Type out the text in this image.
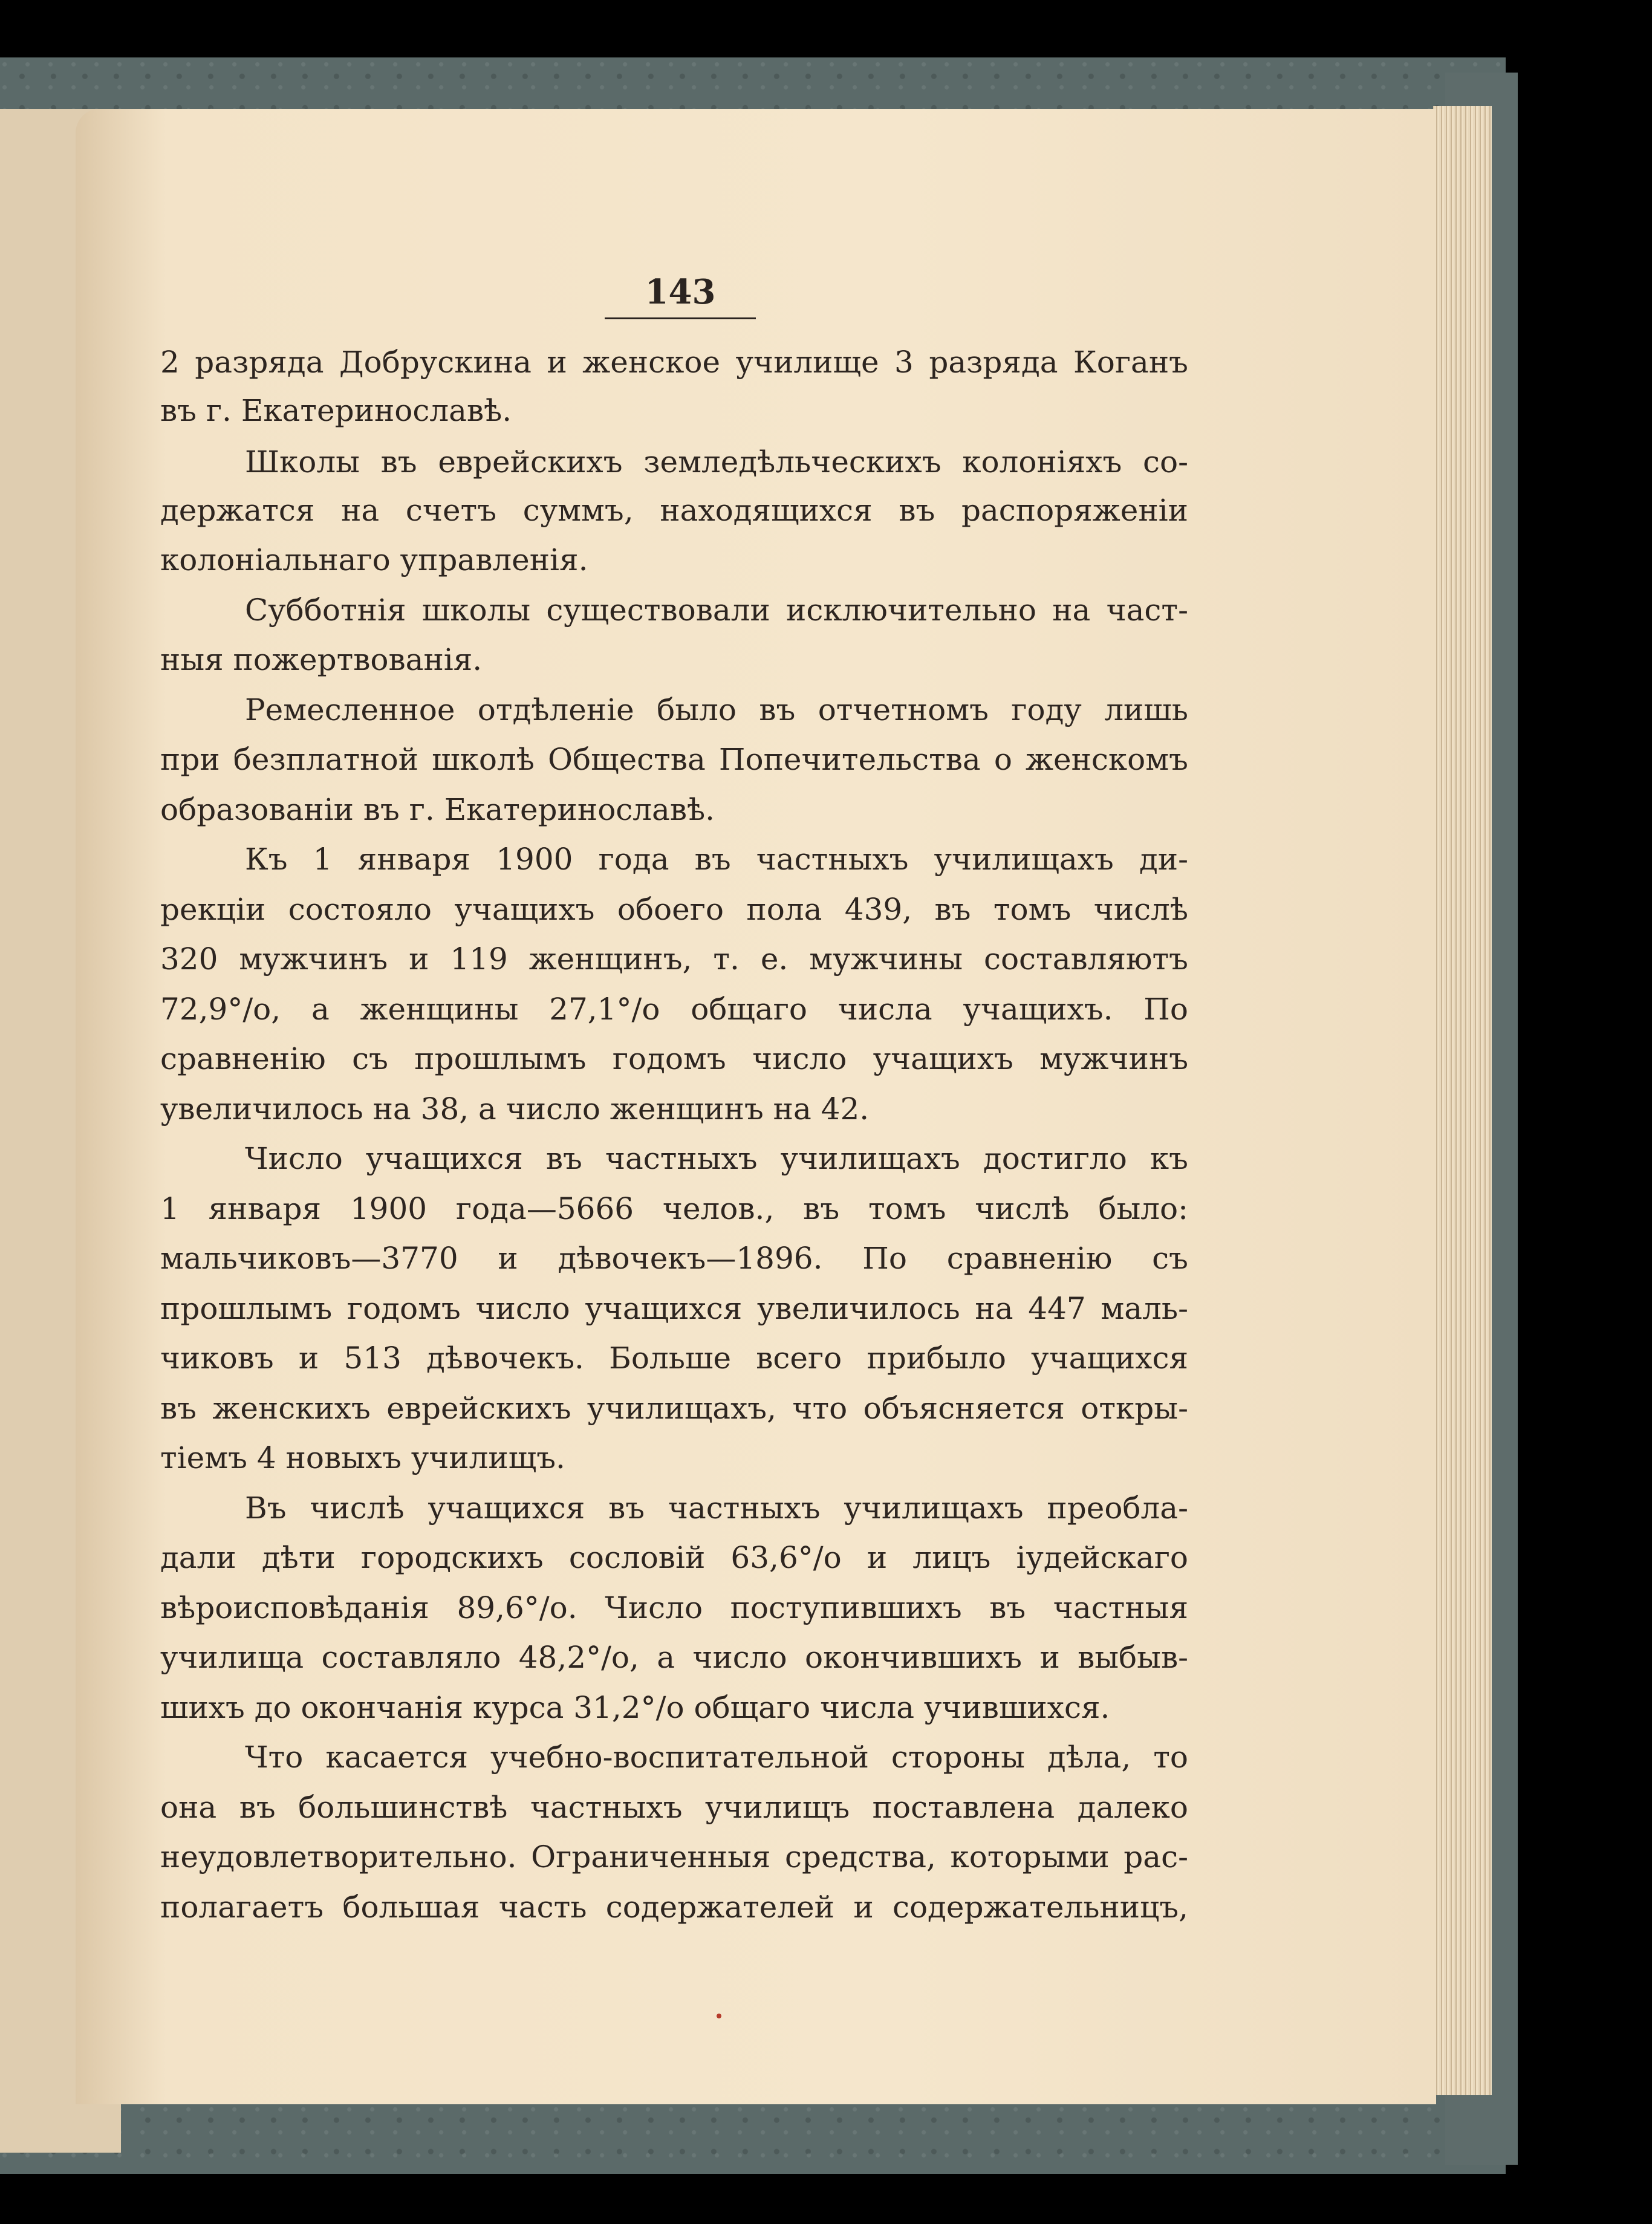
143
2 разряда Добрускина и женское училище 3 разряда Коганъ
въ г. Екатеринославѣ.
Школы въ еврейскихъ земледѣльческихъ колоніяхъ со-
держатся на счетъ суммъ, находящихся въ распоряженіи
колоніальнаго управленія.
Субботнія школы существовали исключительно на част-
ныя пожертвованія.
Ремесленное отдѣленіе было въ отчетномъ году лишь
при безплатной школѣ Общества Попечительства о женскомъ
образованіи въ г. Екатеринославѣ.
Къ 1 января 1900 года въ частныхъ училищахъ ди-
рекціи состояло учащихъ обоего пола 439, въ томъ числѣ
320 мужчинъ и 119 женщинъ, т. е. мужчины составляютъ
72,9°/о, а женщины 27,1°/о общаго числа учащихъ. По
сравненію съ прошлымъ годомъ число учащихъ мужчинъ
увеличилось на 38, а число женщинъ на 42.
Число учащихся въ частныхъ училищахъ достигло къ
1 января 1900 года—5666 челов., въ томъ числѣ было:
мальчиковъ—3770 и дѣвочекъ—1896. По сравненію съ
прошлымъ годомъ число учащихся увеличилось на 447 маль-
чиковъ и 513 дѣвочекъ. Больше всего прибыло учащихся
въ женскихъ еврейскихъ училищахъ, что объясняется откры-
тіемъ 4 новыхъ училищъ.
Въ числѣ учащихся въ частныхъ училищахъ преобла-
дали дѣти городскихъ сословій 63,6°/о и лицъ іудейскаго
вѣроисповѣданія 89,6°/о. Число поступившихъ въ частныя
училища составляло 48,2°/о, а число окончившихъ и выбыв-
шихъ до окончанія курса 31,2°/о общаго числа учившихся.
Что касается учебно-воспитательной стороны дѣла, то
она въ большинствѣ частныхъ училищъ поставлена далеко
неудовлетворительно. Ограниченныя средства, которыми рас-
полагаетъ большая часть содержателей и содержательницъ,
